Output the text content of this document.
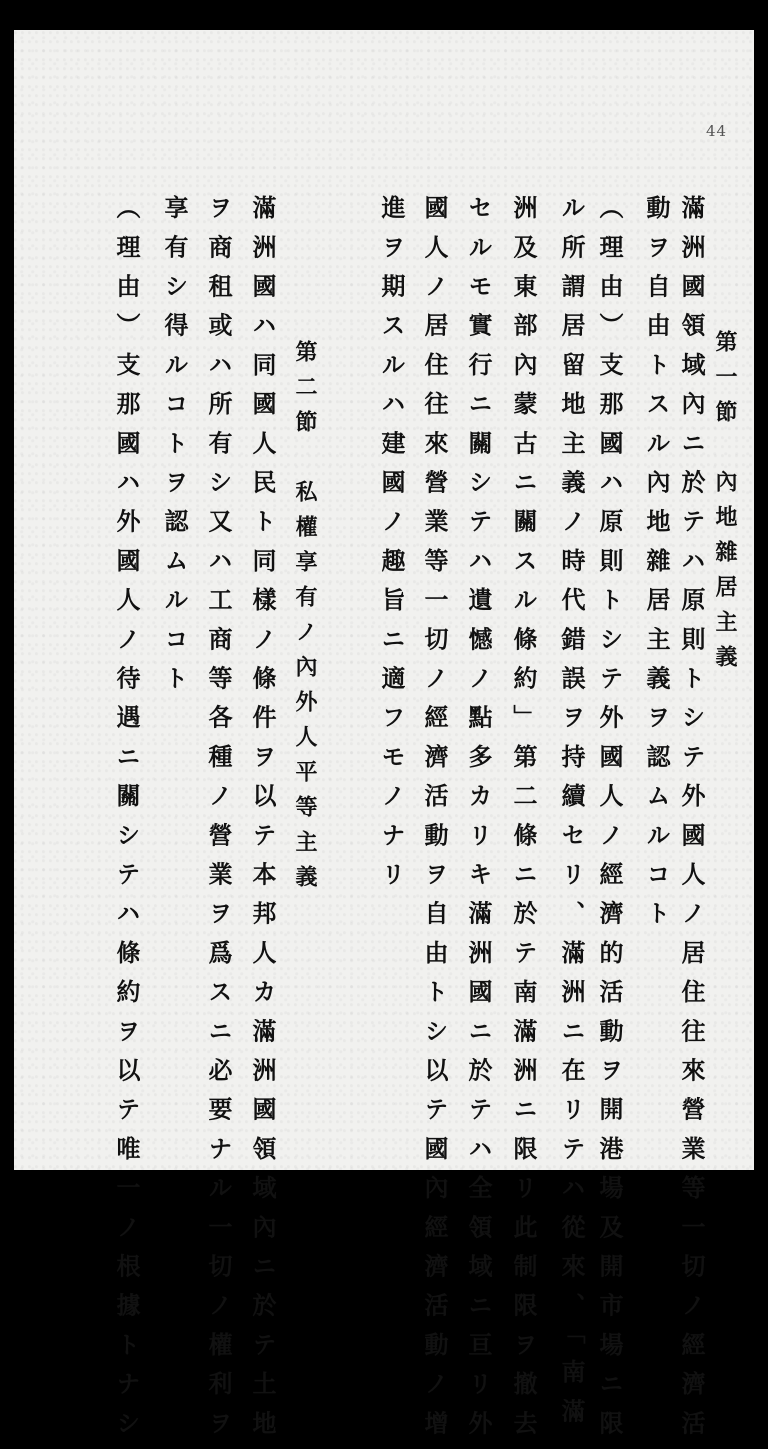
44
第一節　內地雜居主義
滿洲國領域內ニ於テハ原則トシテ外國人ノ居住往來營業等一切ノ經濟活
動ヲ自由トスル內地雜居主義ヲ認ムルコト
（理由）支那國ハ原則トシテ外國人ノ經濟的活動ヲ開港場及開市場ニ限
ル所謂居留地主義ノ時代錯誤ヲ持續セリ、滿洲ニ在リテハ從來、「南滿
洲及東部內蒙古ニ關スル條約」第二條ニ於テ南滿洲ニ限リ此制限ヲ撤去
セルモ實行ニ關シテハ遺憾ノ點多カリキ滿洲國ニ於テハ全領域ニ亘リ外
國人ノ居住往來營業等一切ノ經濟活動ヲ自由トシ以テ國內經濟活動ノ增
進ヲ期スルハ建國ノ趣旨ニ適フモノナリ
第二節　私權享有ノ內外人平等主義
滿洲國ハ同國人民ト同樣ノ條件ヲ以テ本邦人カ滿洲國領域內ニ於テ土地
ヲ商租或ハ所有シ又ハ工商等各種ノ營業ヲ爲スニ必要ナル一切ノ權利ヲ
享有シ得ルコトヲ認ムルコト
（理由）支那國ハ外國人ノ待遇ニ關シテハ條約ヲ以テ唯一ノ根據トナシ
